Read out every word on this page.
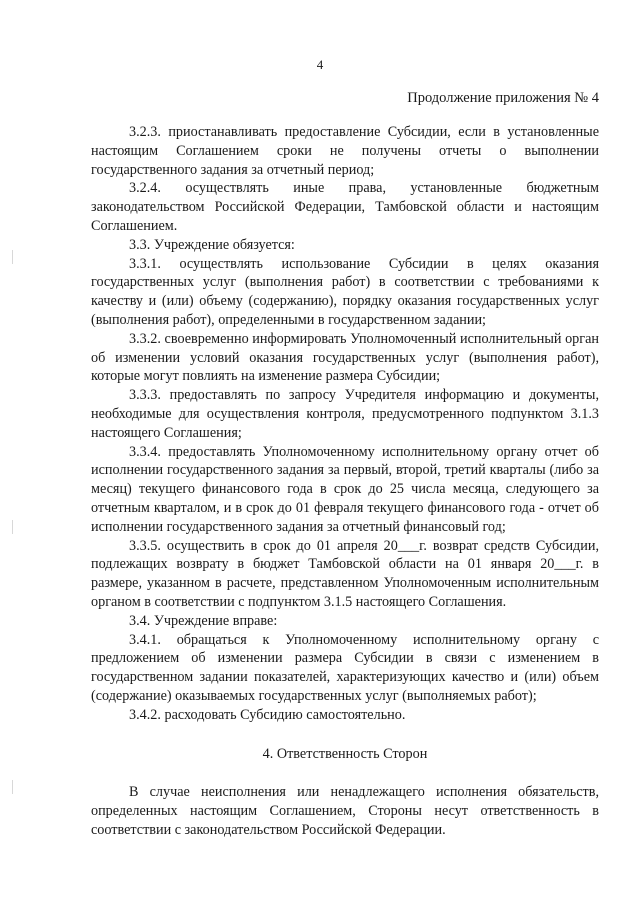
4
Продолжение приложения № 4

3.2.3. приостанавливать предоставление Субсидии, если в установленные настоящим Соглашением сроки не получены отчеты о выполнении государственного задания за отчетный период;

3.2.4. осуществлять иные права, установленные бюджетным законодательством Российской Федерации, Тамбовской области и настоящим Соглашением.

3.3. Учреждение обязуется:

3.3.1. осуществлять использование Субсидии в целях оказания государственных услуг (выполнения работ) в соответствии с требованиями к качеству и (или) объему (содержанию), порядку оказания государственных услуг (выполнения работ), определенными в государственном задании;

3.3.2. своевременно информировать Уполномоченный исполнительный орган об изменении условий оказания государственных услуг (выполнения работ), которые могут повлиять на изменение размера Субсидии;

3.3.3. предоставлять по запросу Учредителя информацию и документы, необходимые для осуществления контроля, предусмотренного подпунктом 3.1.3 настоящего Соглашения;

3.3.4. предоставлять Уполномоченному исполнительному органу отчет об исполнении государственного задания за первый, второй, третий кварталы (либо за месяц) текущего финансового года в срок до 25 числа месяца, следующего за отчетным кварталом, и в срок до 01 февраля текущего финансового года - отчет об исполнении государственного задания за отчетный финансовый год;

3.3.5. осуществить в срок до 01 апреля 20___г. возврат средств Субсидии, подлежащих возврату в бюджет Тамбовской области на 01 января 20___г. в размере, указанном в расчете, представленном Уполномоченным исполнительным органом в соответствии с подпунктом 3.1.5 настоящего Соглашения.

3.4. Учреждение вправе:

3.4.1. обращаться к Уполномоченному исполнительному органу с предложением об изменении размера Субсидии в связи с изменением в государственном задании показателей, характеризующих качество и (или) объем (содержание) оказываемых государственных услуг (выполняемых работ);

3.4.2. расходовать Субсидию самостоятельно.

4. Ответственность Сторон

В случае неисполнения или ненадлежащего исполнения обязательств, определенных настоящим Соглашением, Стороны несут ответственность в соответствии с законодательством Российской Федерации.
